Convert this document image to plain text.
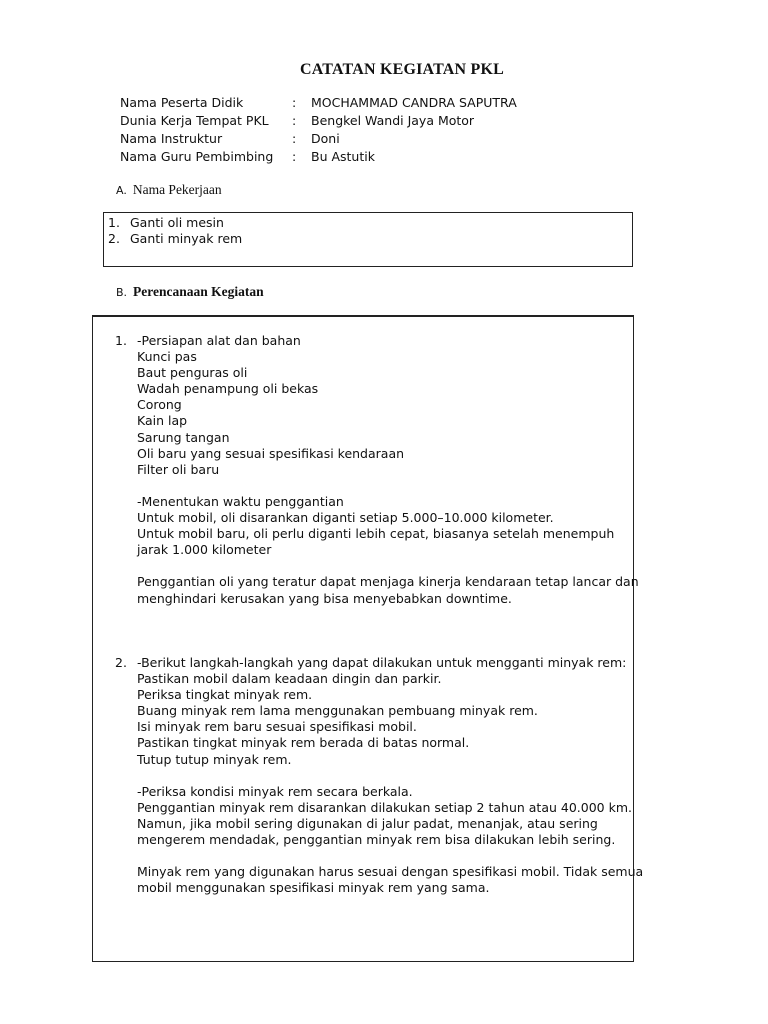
CATATAN KEGIATAN PKL
Nama Peserta Didik	: MOCHAMMAD CANDRA SAPUTRA
Dunia Kerja Tempat PKL : Bengkel Wandi Jaya Motor
Nama Instruktur	: Doni
Nama Guru Pembimbing : Bu Astutik
A. Nama Pekerjaan
1. Ganti oli mesin
2. Ganti minyak rem
B. Perencanaan Kegiatan
1. -Persiapan alat dan bahan
Kunci pas
Baut penguras oli
Wadah penampung oli bekas
Corong
Kain lap
Sarung tangan
Oli baru yang sesuai spesifikasi kendaraan
Filter oli baru
-Menentukan waktu penggantian
Untuk mobil, oli disarankan diganti setiap 5.000–10.000 kilometer.
Untuk mobil baru, oli perlu diganti lebih cepat, biasanya setelah menempuh
jarak 1.000 kilometer
Penggantian oli yang teratur dapat menjaga kinerja kendaraan tetap lancar dan
menghindari kerusakan yang bisa menyebabkan downtime.
2. -Berikut langkah-langkah yang dapat dilakukan untuk mengganti minyak rem:
Pastikan mobil dalam keadaan dingin dan parkir.
Periksa tingkat minyak rem.
Buang minyak rem lama menggunakan pembuang minyak rem.
Isi minyak rem baru sesuai spesifikasi mobil.
Pastikan tingkat minyak rem berada di batas normal.
Tutup tutup minyak rem.
-Periksa kondisi minyak rem secara berkala.
Penggantian minyak rem disarankan dilakukan setiap 2 tahun atau 40.000 km.
Namun, jika mobil sering digunakan di jalur padat, menanjak, atau sering
mengerem mendadak, penggantian minyak rem bisa dilakukan lebih sering.
Minyak rem yang digunakan harus sesuai dengan spesifikasi mobil. Tidak semua
mobil menggunakan spesifikasi minyak rem yang sama.
